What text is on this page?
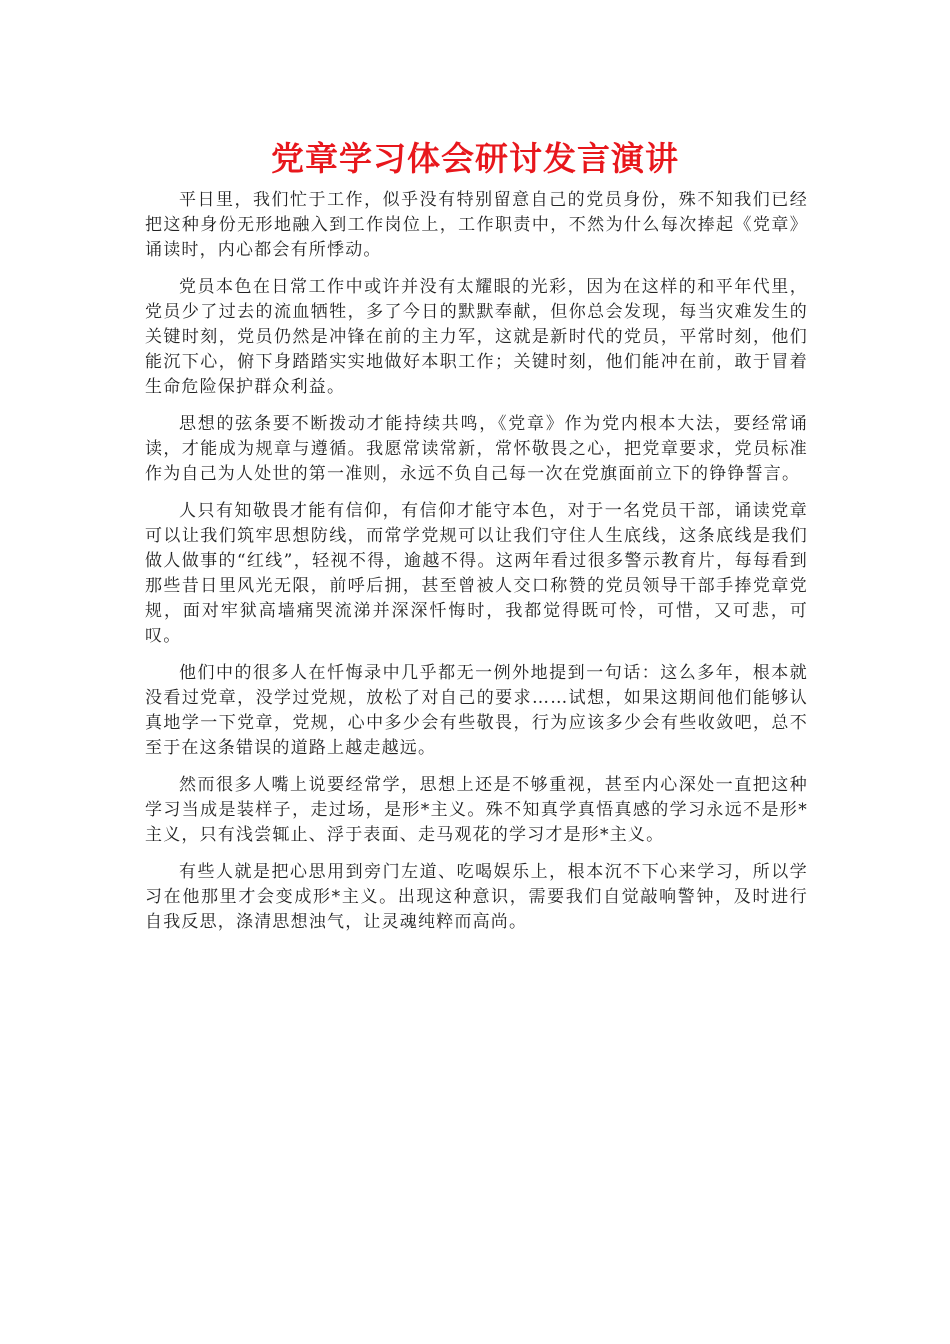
党章学习体会研讨发言演讲

平日里，我们忙于工作，似乎没有特别留意自己的党员身份，殊不知我们已经把这种身份无形地融入到工作岗位上，工作职责中，不然为什么每次捧起《党章》诵读时，内心都会有所悸动。

党员本色在日常工作中或许并没有太耀眼的光彩，因为在这样的和平年代里，党员少了过去的流血牺牲，多了今日的默默奉献，但你总会发现，每当灾难发生的关键时刻，党员仍然是冲锋在前的主力军，这就是新时代的党员，平常时刻，他们能沉下心，俯下身踏踏实实地做好本职工作；关键时刻，他们能冲在前，敢于冒着生命危险保护群众利益。

思想的弦条要不断拨动才能持续共鸣，《党章》作为党内根本大法，要经常诵读，才能成为规章与遵循。我愿常读常新，常怀敬畏之心，把党章要求，党员标准作为自己为人处世的第一准则，永远不负自己每一次在党旗面前立下的铮铮誓言。

人只有知敬畏才能有信仰，有信仰才能守本色，对于一名党员干部，诵读党章可以让我们筑牢思想防线，而常学党规可以让我们守住人生底线，这条底线是我们做人做事的“红线”，轻视不得，逾越不得。这两年看过很多警示教育片，每每看到那些昔日里风光无限，前呼后拥，甚至曾被人交口称赞的党员领导干部手捧党章党规，面对牢狱高墙痛哭流涕并深深忏悔时，我都觉得既可怜，可惜，又可悲，可叹。

他们中的很多人在忏悔录中几乎都无一例外地提到一句话：这么多年，根本就没看过党章，没学过党规，放松了对自己的要求……试想，如果这期间他们能够认真地学一下党章，党规，心中多少会有些敬畏，行为应该多少会有些收敛吧，总不至于在这条错误的道路上越走越远。

然而很多人嘴上说要经常学，思想上还是不够重视，甚至内心深处一直把这种学习当成是装样子，走过场，是形*主义。殊不知真学真悟真感的学习永远不是形*主义，只有浅尝辄止、浮于表面、走马观花的学习才是形*主义。

有些人就是把心思用到旁门左道、吃喝娱乐上，根本沉不下心来学习，所以学习在他那里才会变成形*主义。出现这种意识，需要我们自觉敲响警钟，及时进行自我反思，涤清思想浊气，让灵魂纯粹而高尚。
